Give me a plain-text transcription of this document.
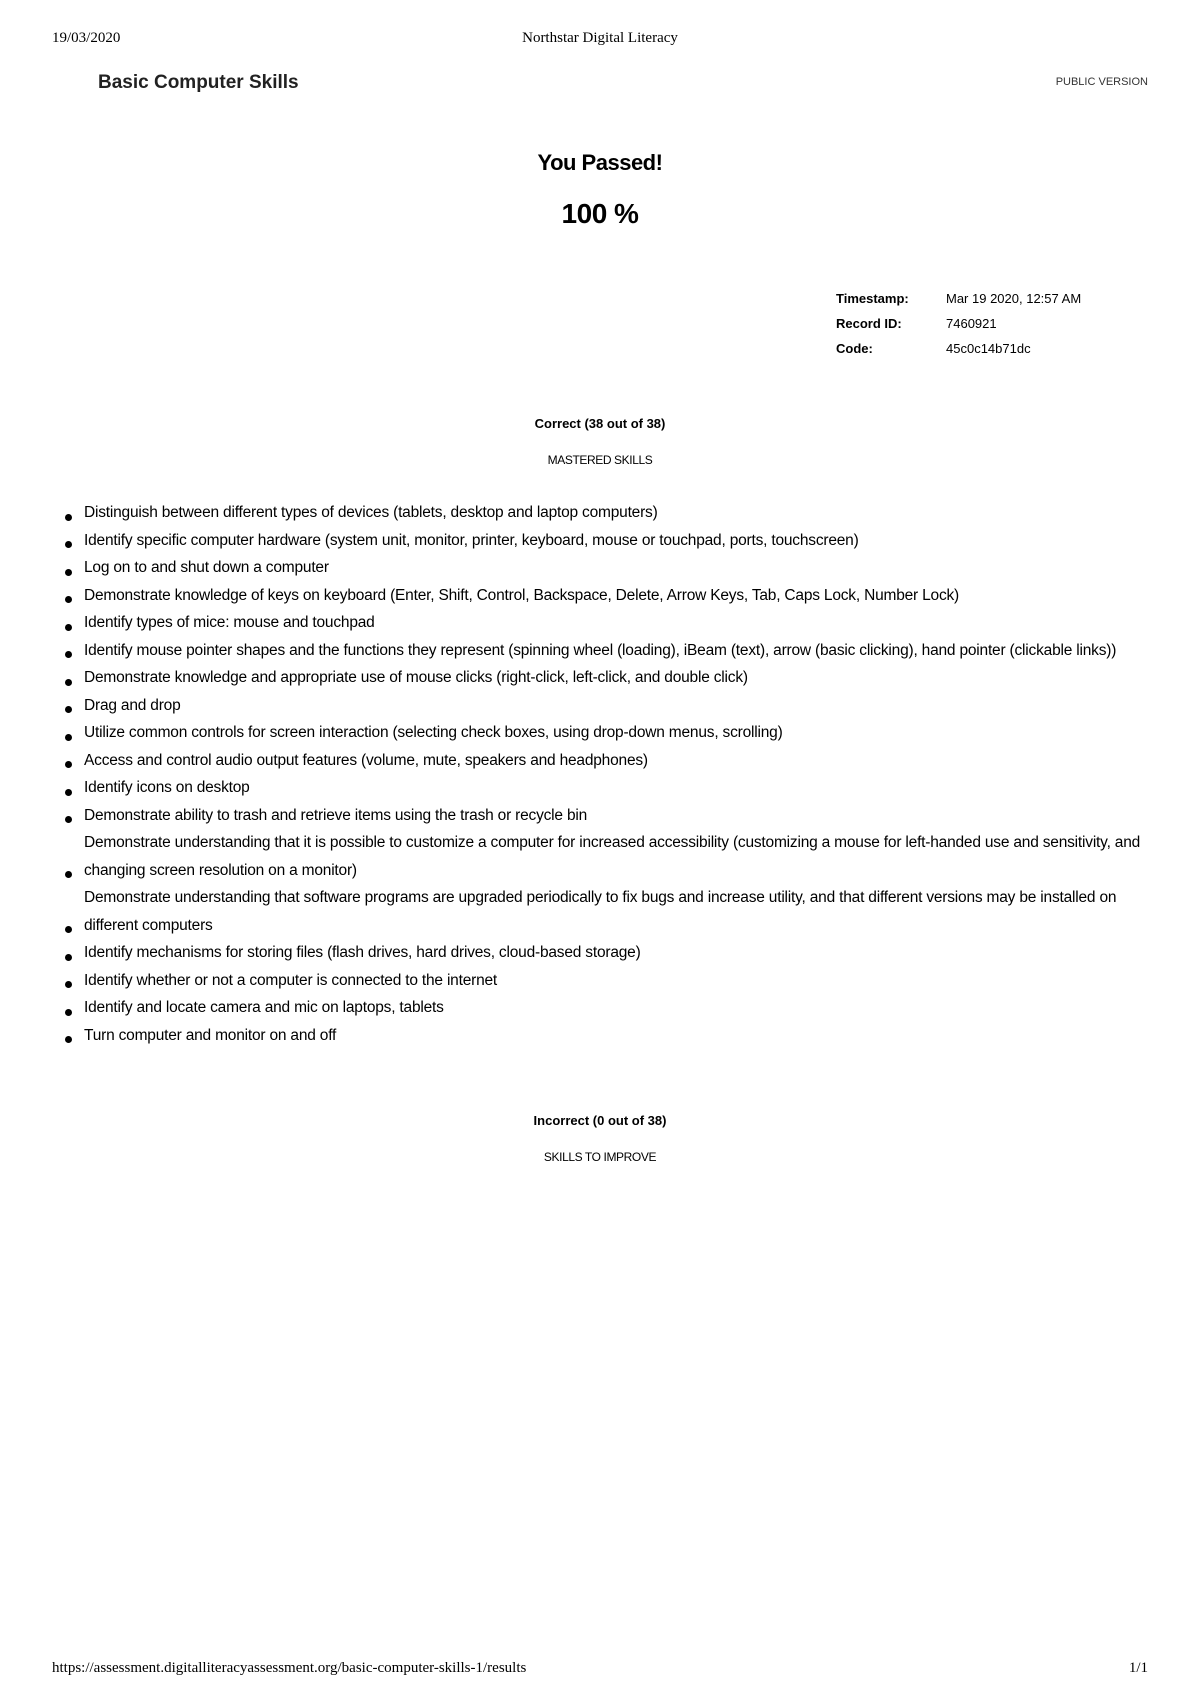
19/03/2020	Northstar Digital Literacy
Basic Computer Skills	PUBLIC VERSION
You Passed!
100 %
Timestamp:	Mar 19 2020, 12:57 AM
Record ID:	7460921
Code:	45c0c14b71dc
Correct (38 out of 38)
MASTERED SKILLS
Distinguish between different types of devices (tablets, desktop and laptop computers)
Identify specific computer hardware (system unit, monitor, printer, keyboard, mouse or touchpad, ports, touchscreen)
Log on to and shut down a computer
Demonstrate knowledge of keys on keyboard (Enter, Shift, Control, Backspace, Delete, Arrow Keys, Tab, Caps Lock, Number Lock)
Identify types of mice: mouse and touchpad
Identify mouse pointer shapes and the functions they represent (spinning wheel (loading), iBeam (text), arrow (basic clicking), hand pointer (clickable links))
Demonstrate knowledge and appropriate use of mouse clicks (right-click, left-click, and double click)
Drag and drop
Utilize common controls for screen interaction (selecting check boxes, using drop-down menus, scrolling)
Access and control audio output features (volume, mute, speakers and headphones)
Identify icons on desktop
Demonstrate ability to trash and retrieve items using the trash or recycle bin
Demonstrate understanding that it is possible to customize a computer for increased accessibility (customizing a mouse for left-handed use and sensitivity, and changing screen resolution on a monitor)
Demonstrate understanding that software programs are upgraded periodically to fix bugs and increase utility, and that different versions may be installed on different computers
Identify mechanisms for storing files (flash drives, hard drives, cloud-based storage)
Identify whether or not a computer is connected to the internet
Identify and locate camera and mic on laptops, tablets
Turn computer and monitor on and off
Incorrect (0 out of 38)
SKILLS TO IMPROVE
https://assessment.digitalliteracyassessment.org/basic-computer-skills-1/results	1/1
